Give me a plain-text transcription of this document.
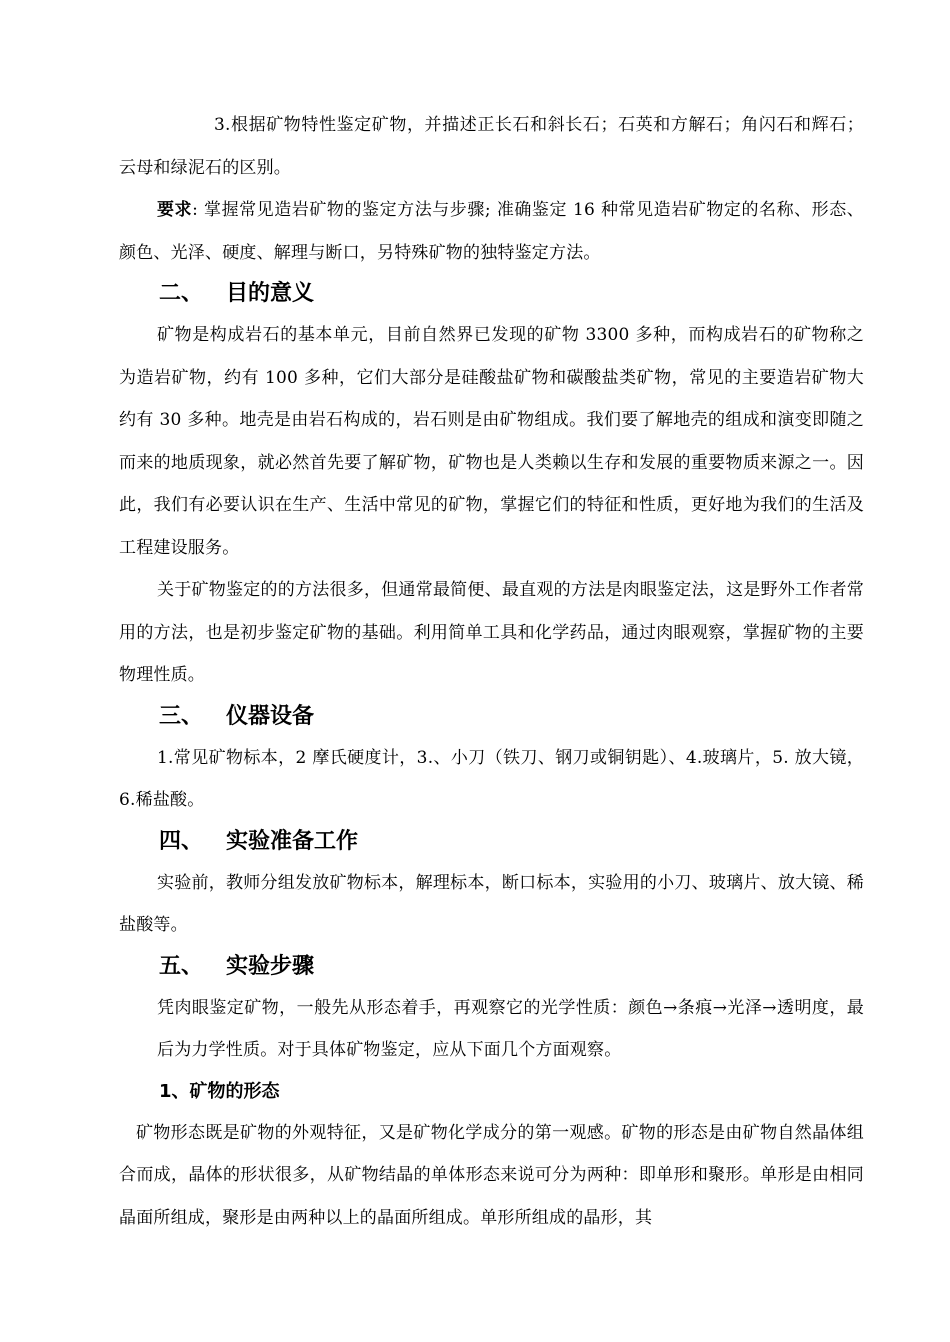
3.根据矿物特性鉴定矿物，并描述正长石和斜长石；石英和方解石；角闪石和辉石；云母和绿泥石的区别。

要求: 掌握常见造岩矿物的鉴定方法与步骤; 准确鉴定 16 种常见造岩矿物定的名称、形态、颜色、光泽、硬度、解理与断口，另特殊矿物的独特鉴定方法。

二、 目的意义

矿物是构成岩石的基本单元，目前自然界已发现的矿物 3300 多种，而构成岩石的矿物称之为造岩矿物，约有 100 多种，它们大部分是硅酸盐矿物和碳酸盐类矿物，常见的主要造岩矿物大约有 30 多种。地壳是由岩石构成的，岩石则是由矿物组成。我们要了解地壳的组成和演变即随之而来的地质现象，就必然首先要了解矿物，矿物也是人类赖以生存和发展的重要物质来源之一。因此，我们有必要认识在生产、生活中常见的矿物，掌握它们的特征和性质，更好地为我们的生活及工程建设服务。

关于矿物鉴定的的方法很多，但通常最简便、最直观的方法是肉眼鉴定法，这是野外工作者常用的方法，也是初步鉴定矿物的基础。利用简单工具和化学药品，通过肉眼观察，掌握矿物的主要物理性质。

三、 仪器设备

1.常见矿物标本，2 摩氏硬度计，3.、小刀（铁刀、钢刀或铜钥匙）、4.玻璃片，5. 放大镜，6.稀盐酸。

四、 实验准备工作

实验前，教师分组发放矿物标本，解理标本，断口标本，实验用的小刀、玻璃片、放大镜、稀盐酸等。

五、 实验步骤

凭肉眼鉴定矿物，一般先从形态着手，再观察它的光学性质：颜色→条痕→光泽→透明度，最后为力学性质。对于具体矿物鉴定，应从下面几个方面观察。

1、矿物的形态

矿物形态既是矿物的外观特征，又是矿物化学成分的第一观感。矿物的形态是由矿物自然晶体组合而成，晶体的形状很多，从矿物结晶的单体形态来说可分为两种：即单形和聚形。单形是由相同晶面所组成，聚形是由两种以上的晶面所组成。单形所组成的晶形，其
